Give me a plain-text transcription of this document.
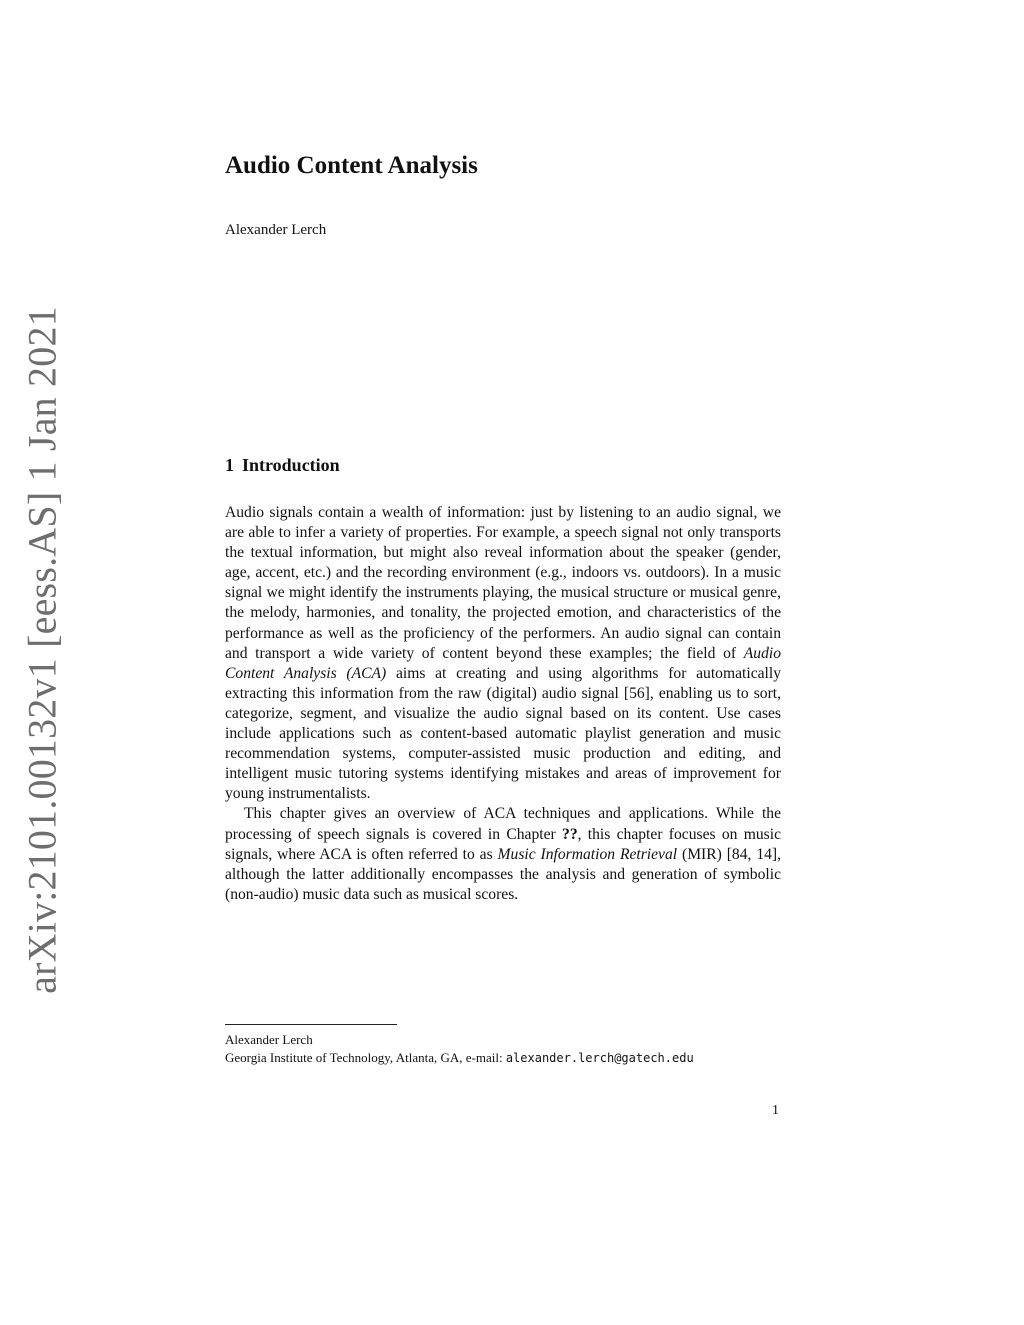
arXiv:2101.00132v1 [eess.AS] 1 Jan 2021
Audio Content Analysis
Alexander Lerch
1 Introduction

Audio signals contain a wealth of information: just by listening to an audio signal, we are able to infer a variety of properties. For example, a speech signal not only transports the textual information, but might also reveal information about the speaker (gender, age, accent, etc.) and the recording environment (e.g., indoors vs. outdoors). In a music signal we might identify the instruments playing, the musical structure or musical genre, the melody, harmonies, and tonality, the projected emotion, and characteristics of the performance as well as the proficiency of the performers. An audio signal can contain and transport a wide variety of content beyond these examples; the field of Audio Content Analysis (ACA) aims at creating and using algorithms for automatically extracting this information from the raw (digital) audio signal [56], enabling us to sort, categorize, segment, and visualize the audio signal based on its content. Use cases include applications such as content-based automatic playlist generation and music recommendation systems, computer-assisted music production and editing, and intelligent music tutoring systems identifying mistakes and areas of improvement for young instrumentalists.

This chapter gives an overview of ACA techniques and applications. While the processing of speech signals is covered in Chapter ??, this chapter focuses on music signals, where ACA is often referred to as Music Information Retrieval (MIR) [84, 14], although the latter additionally encompasses the analysis and generation of symbolic (non-audio) music data such as musical scores.

Alexander Lerch
Georgia Institute of Technology, Atlanta, GA, e-mail: alexander.lerch@gatech.edu
1
